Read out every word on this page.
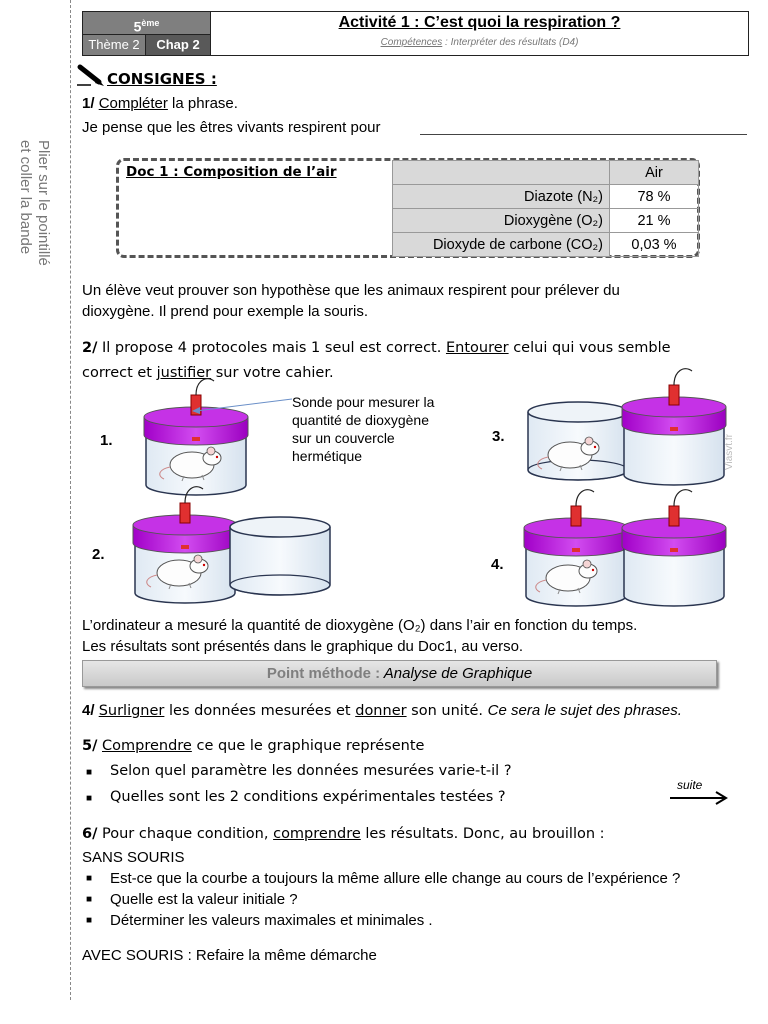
Plier sur le pointillé
et coller la bande
5ème
Thème 2	Chap 2
Activité 1 : C’est quoi la respiration ?
Compétences : Interpréter des résultats (D4)
CONSIGNES :
1/ Compléter la phrase.
Je pense que les êtres vivants respirent pour
Doc 1 : Composition de l’air
		Air
Diazote (N₂)	78 %
Dioxygène (O₂)	21 %
Dioxyde de carbone (CO₂)	0,03 %
Un élève veut prouver son hypothèse que les animaux respirent pour prélever du
dioxygène. Il prend pour exemple la souris.
2/ Il propose 4 protocoles mais 1 seul est correct. Entourer celui qui vous semble
correct et justifier sur votre cahier.
1.
Sonde pour mesurer la
quantité de dioxygène
sur un couvercle
hermétique
2.
3.
4.
Viasvt.fr
L’ordinateur a mesuré la quantité de dioxygène (O₂) dans l’air en fonction du temps.
Les résultats sont présentés dans le graphique du Doc1, au verso.
Point méthode : Analyse de Graphique
4/ Surligner les données mesurées et donner son unité. Ce sera le sujet des phrases.
5/ Comprendre ce que le graphique représente
■ Selon quel paramètre les données mesurées varie-t-il ?
■ Quelles sont les 2 conditions expérimentales testées ?
suite
6/ Pour chaque condition, comprendre les résultats. Donc, au brouillon :
SANS SOURIS
■ Est-ce que la courbe a toujours la même allure elle change au cours de l’expérience ?
■ Quelle est la valeur initiale ?
■ Déterminer les valeurs maximales et minimales .
AVEC SOURIS : Refaire la même démarche
